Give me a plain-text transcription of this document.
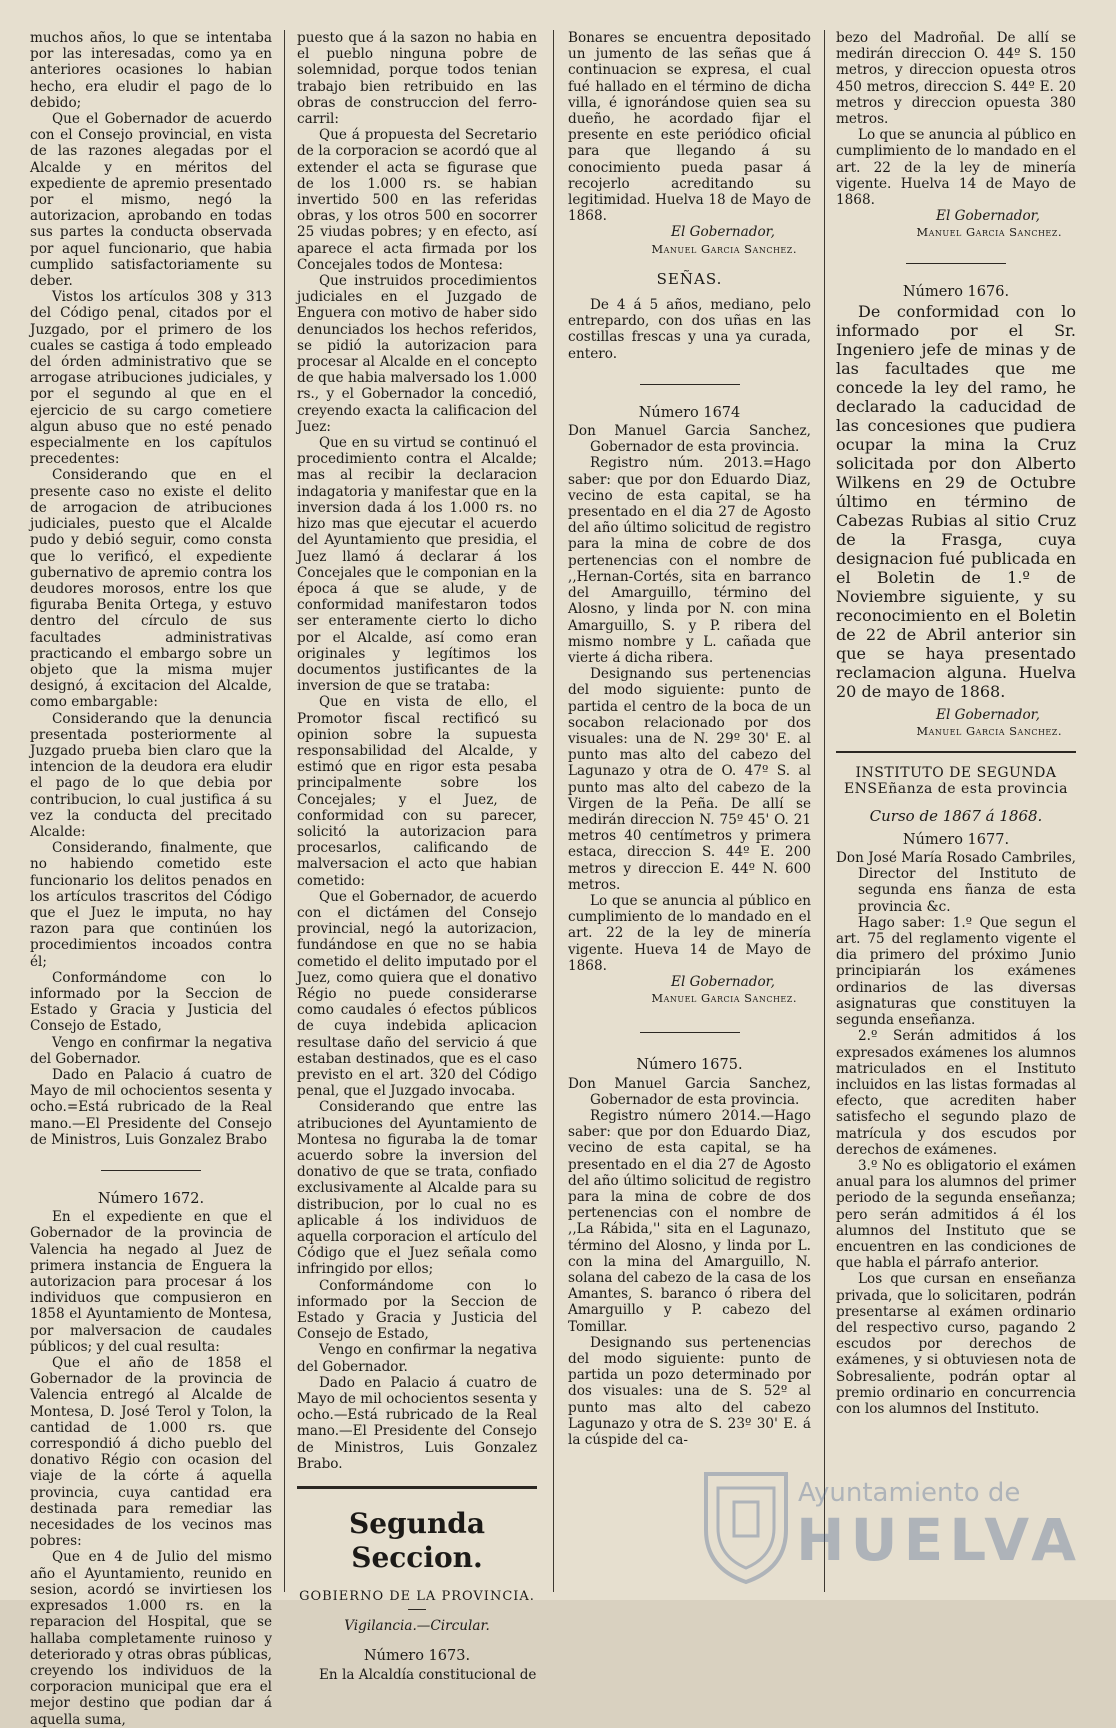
muchos años, lo que se intentaba por las interesadas, como ya en anteriores ocasiones lo habian hecho, era eludir el pago de lo debido;

Que el Gobernador de acuerdo con el Consejo provincial, en vista de las razones alegadas por el Alcalde y en méritos del expediente de apremio presentado por el mismo, negó la autorizacion, aprobando en todas sus partes la conducta observada por aquel funcionario, que habia cumplido satisfactoriamente su deber.

Vistos los artículos 308 y 313 del Código penal, citados por el Juzgado, por el primero de los cuales se castiga á todo empleado del órden administrativo que se arrogase atribuciones judiciales, y por el segundo al que en el ejercicio de su cargo cometiere algun abuso que no esté penado especialmente en los capítulos precedentes:

Considerando que en el presente caso no existe el delito de arrogacion de atribuciones judiciales, puesto que el Alcalde pudo y debió seguir, como consta que lo verificó, el expediente gubernativo de apremio contra los deudores morosos, entre los que figuraba Benita Ortega, y estuvo dentro del círculo de sus facultades administrativas practicando el embargo sobre un objeto que la misma mujer designó, á excitacion del Alcalde, como embargable:

Considerando que la denuncia presentada posteriormente al Juzgado prueba bien claro que la intencion de la deudora era eludir el pago de lo que debia por contribucion, lo cual justifica á su vez la conducta del precitado Alcalde:

Considerando, finalmente, que no habiendo cometido este funcionario los delitos penados en los artículos trascritos del Código que el Juez le imputa, no hay razon para que continúen los procedimientos incoados contra él;

Conformándome con lo informado por la Seccion de Estado y Gracia y Justicia del Consejo de Estado,

Vengo en confirmar la negativa del Gobernador.

Dado en Palacio á cuatro de Mayo de mil ochocientos sesenta y ocho.=Está rubricado de la Real mano.—El Presidente del Consejo de Ministros, Luis Gonzalez Brabo

Número 1672.

En el expediente en que el Gobernador de la provincia de Valencia ha negado al Juez de primera instancia de Enguera la autorizacion para procesar á los individuos que compusieron en 1858 el Ayuntamiento de Montesa, por malversacion de caudales públicos; y del cual resulta:

Que el año de 1858 el Gobernador de la provincia de Valencia entregó al Alcalde de Montesa, D. José Terol y Tolon, la cantidad de 1.000 rs. que correspondió á dicho pueblo del donativo Régio con ocasion del viaje de la córte á aquella provincia, cuya cantidad era destinada para remediar las necesidades de los vecinos mas pobres:

Que en 4 de Julio del mismo año el Ayuntamiento, reunido en sesion, acordó se invirtiesen los expresados 1.000 rs. en la reparacion del Hospital, que se hallaba completamente ruinoso y deteriorado y otras obras públicas, creyendo los individuos de la corporacion municipal que era el mejor destino que podian dar á aquella suma,

puesto que á la sazon no habia en el pueblo ninguna pobre de solemnidad, porque todos tenian trabajo bien retribuido en las obras de construccion del ferro-carril:

Que á propuesta del Secretario de la corporacion se acordó que al extender el acta se figurase que de los 1.000 rs. se habian invertido 500 en las referidas obras, y los otros 500 en socorrer 25 viudas pobres; y en efecto, así aparece el acta firmada por los Concejales todos de Montesa:

Que instruidos procedimientos judiciales en el Juzgado de Enguera con motivo de haber sido denunciados los hechos referidos, se pidió la autorizacion para procesar al Alcalde en el concepto de que habia malversado los 1.000 rs., y el Gobernador la concedió, creyendo exacta la calificacion del Juez:

Que en su virtud se continuó el procedimiento contra el Alcalde; mas al recibir la declaracion indagatoria y manifestar que en la inversion dada á los 1.000 rs. no hizo mas que ejecutar el acuerdo del Ayuntamiento que presidia, el Juez llamó á declarar á los Concejales que le componian en la época á que se alude, y de conformidad manifestaron todos ser enteramente cierto lo dicho por el Alcalde, así como eran originales y legítimos los documentos justificantes de la inversion de que se trataba:

Que en vista de ello, el Promotor fiscal rectificó su opinion sobre la supuesta responsabilidad del Alcalde, y estimó que en rigor esta pesaba principalmente sobre los Concejales; y el Juez, de conformidad con su parecer, solicitó la autorizacion para procesarlos, calificando de malversacion el acto que habian cometido:

Que el Gobernador, de acuerdo con el dictámen del Consejo provincial, negó la autorizacion, fundándose en que no se habia cometido el delito imputado por el Juez, como quiera que el donativo Régio no puede considerarse como caudales ó efectos públicos de cuya indebida aplicacion resultase daño del servicio á que estaban destinados, que es el caso previsto en el art. 320 del Código penal, que el Juzgado invocaba.

Considerando que entre las atribuciones del Ayuntamiento de Montesa no figuraba la de tomar acuerdo sobre la inversion del donativo de que se trata, confiado exclusivamente al Alcalde para su distribucion, por lo cual no es aplicable á los individuos de aquella corporacion el artículo del Código que el Juez señala como infringido por ellos;

Conformándome con lo informado por la Seccion de Estado y Gracia y Justicia del Consejo de Estado,

Vengo en confirmar la negativa del Gobernador.

Dado en Palacio á cuatro de Mayo de mil ochocientos sesenta y ocho.—Está rubricado de la Real mano.—El Presidente del Consejo de Ministros, Luis Gonzalez Brabo.

Segunda Seccion.
GOBIERNO DE LA PROVINCIA.
Vigilancia.—Circular.
Número 1673.

En la Alcaldía constitucional de

Bonares se encuentra depositado un jumento de las señas que á continuacion se expresa, el cual fué hallado en el término de dicha villa, é ignorándose quien sea su dueño, he acordado fijar el presente en este periódico oficial para que llegando á su conocimiento pueda pasar á recojerlo acreditando su legitimidad. Huelva 18 de Mayo de 1868.

El Gobernador,
Manuel Garcia Sanchez.
SEÑAS.

De 4 á 5 años, mediano, pelo entrepardo, con dos uñas en las costillas frescas y una ya curada, entero.

Número 1674

Don Manuel Garcia Sanchez, Gobernador de esta provincia.

Registro núm. 2013.=Hago saber: que por don Eduardo Diaz, vecino de esta capital, se ha presentado en el dia 27 de Agosto del año último solicitud de registro para la mina de cobre de dos pertenencias con el nombre de ,,Hernan-Cortés, sita en barranco del Amarguillo, término del Alosno, y linda por N. con mina Amarguillo, S. y P. ribera del mismo nombre y L. cañada que vierte á dicha ribera.

Designando sus pertenencias del modo siguiente: punto de partida el centro de la boca de un socabon relacionado por dos visuales: una de N. 29º 30' E. al punto mas alto del cabezo del Lagunazo y otra de O. 47º S. al punto mas alto del cabezo de la Virgen de la Peña. De allí se medirán direccion N. 75º 45' O. 21 metros 40 centímetros y primera estaca, direccion S. 44º E. 200 metros y direccion E. 44º N. 600 metros.

Lo que se anuncia al público en cumplimiento de lo mandado en el art. 22 de la ley de minería vigente. Hueva 14 de Mayo de 1868.

El Gobernador,
Manuel Garcia Sanchez.
Número 1675.

Don Manuel Garcia Sanchez, Gobernador de esta provincia.

Registro número 2014.—Hago saber: que por don Eduardo Diaz, vecino de esta capital, se ha presentado en el dia 27 de Agosto del año último solicitud de registro para la mina de cobre de dos pertenencias con el nombre de ,,La Rábida,'' sita en el Lagunazo, término del Alosno, y linda por L. con la mina del Amarguillo, N. solana del cabezo de la casa de los Amantes, S. baranco ó ribera del Amarguillo y P. cabezo del Tomillar.

Designando sus pertenencias del modo siguiente: punto de partida un pozo determinado por dos visuales: una de S. 52º al punto mas alto del cabezo Lagunazo y otra de S. 23º 30' E. á la cúspide del ca-

bezo del Madroñal. De allí se medirán direccion O. 44º S. 150 metros, y direccion opuesta otros 450 metros, direccion S. 44º E. 20 metros y direccion opuesta 380 metros.

Lo que se anuncia al público en cumplimiento de lo mandado en el art. 22 de la ley de minería vigente. Huelva 14 de Mayo de 1868.

El Gobernador,
Manuel Garcia Sanchez.
Número 1676.

De conformidad con lo informado por el Sr. Ingeniero jefe de minas y de las facultades que me concede la ley del ramo, he declarado la caducidad de las concesiones que pudiera ocupar la mina la Cruz solicitada por don Alberto Wilkens en 29 de Octubre último en término de Cabezas Rubias al sitio Cruz de la Frasga, cuya designacion fué publicada en el Boletin de 1.º de Noviembre siguiente, y su reconocimiento en el Boletin de 22 de Abril anterior sin que se haya presentado reclamacion alguna. Huelva 20 de mayo de 1868.

El Gobernador,
Manuel Garcia Sanchez.
INSTITUTO DE SEGUNDA ENSEñanza de esta provincia
Curso de 1867 á 1868.
Número 1677.

Don José María Rosado Cambriles, Director del Instituto de segunda ens ñanza de esta provincia &c.

Hago saber: 1.º Que segun el art. 75 del reglamento vigente el dia primero del próximo Junio principiarán los exámenes ordinarios de las diversas asignaturas que constituyen la segunda enseñanza.

2.º Serán admitidos á los expresados exámenes los alumnos matriculados en el Instituto incluidos en las listas formadas al efecto, que acrediten haber satisfecho el segundo plazo de matrícula y dos escudos por derechos de exámenes.

3.º No es obligatorio el exámen anual para los alumnos del primer periodo de la segunda enseñanza; pero serán admitidos á él los alumnos del Instituto que se encuentren en las condiciones de que habla el párrafo anterior.

Los que cursan en enseñanza privada, que lo solicitaren, podrán presentarse al exámen ordinario del respectivo curso, pagando 2 escudos por derechos de exámenes, y si obtuviesen nota de Sobresaliente, podrán optar al premio ordinario en concurrencia con los alumnos del Instituto.

Ayuntamiento de
HUELVA
